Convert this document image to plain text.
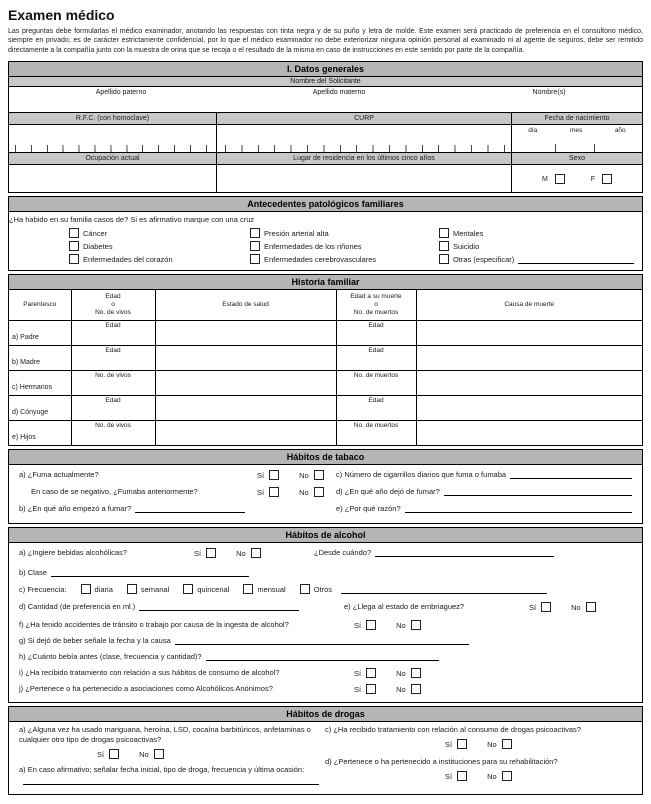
Examen médico

Las preguntas debe formularlas el médico examinador, anotando las respuestas con tinta negra y de su puño y letra de molde. Este examen será practicado de preferencia en el consultorio médico, siempre en privado; es de carácter estrictamente confidencial, por lo que el médico examinador no debe exteriorizar ninguna opinión personal al examinado ni al agente de seguros, debe ser remitido directamente a la compañía junto con la muestra de orina que se recoja o el resultado de la misma en caso de instrucciones en este sentido por parte de la compañía.

I. Datos generales
Nombre del Solicitante
Apellido paterno	Apellido materno	Nombre(s)
R.F.C. (con homoclave)	CURP	Fecha de nacimiento
día	mes	año
Ocupación actual	Lugar de residencia en los últimos cinco años	Sexo
M	F
Antecedentes patológicos familiares
¿Ha habido en su familia casos de? Si es afirmativo marque con una cruz
Cáncer	Presión arterial alta	Mentales
Diabetes	Enfermedades de los riñones	Suicidio
Enfermedades del corazón	Enfermedades cerebrovasculares	Otras (especificar)
Historia familiar
Parentesco	
Edad
o
No. de vivos
	Estado de salud	
Edad a su muerte
o
No. de muertos
	Causa de muerte
a) Padre	Edad		Edad	
b) Madre	Edad		Edad	
c) Hermanos	No. de vivos		No. de muertos	
d) Cónyuge	Edad		Edad	
e) Hijos	No. de vivos		No. de muertos	
Hábitos de tabaco
a) ¿Fuma actualmente?	Sí	No	c) Número de cigarrillos diarios que fuma o fumaba
En caso de se negativo, ¿Fumaba anteriormente?	Sí	No	d) ¿En qué año dejó de fumar?
b) ¿En qué año empezó a fumar?	e) ¿Por qué razón?
Hábitos de alcohol
a) ¿Ingiere bebidas alcohólicas?	Sí	No	¿Desde cuándo?
b) Clase
c) Frecuencia:	diaria	semanal	quincenal	mensual	Otros
d) Cantidad (de preferencia en ml.)	e) ¿Llega al estado de embriaguez?	Sí	No
f) ¿Ha tenido accidentes de tránsito o trabajo por causa de la ingesta de alcohol?	Sí	No
g) Si dejó de beber señale la fecha y la causa
h) ¿Cuánto bebía antes (clase, frecuencia y cantidad)?
i) ¿Ha recibido tratamiento con relación a sus hábitos de consumo de alcohol?	Sí	No
j) ¿Pertenece o ha pertenecido a asociaciones como Alcohólicos Anónimos?	Sí	No
Hábitos de drogas
a) ¿Alguna vez ha usado mariguana, heroína, LSD, cocaína barbitúricos, anfetaminas o cualquier otro tipo de drogas psicoactivas?
Sí	No
a) En caso afirmativo; señalar fecha inicial, tipo de droga, frecuencia y última ocasión:
c) ¿Ha recibido tratamiento con relación al consumo de drogas psicoactivas?
Sí	No
d) ¿Pertenece o ha pertenecido a instituciones para su rehabilitación?
Sí	No
